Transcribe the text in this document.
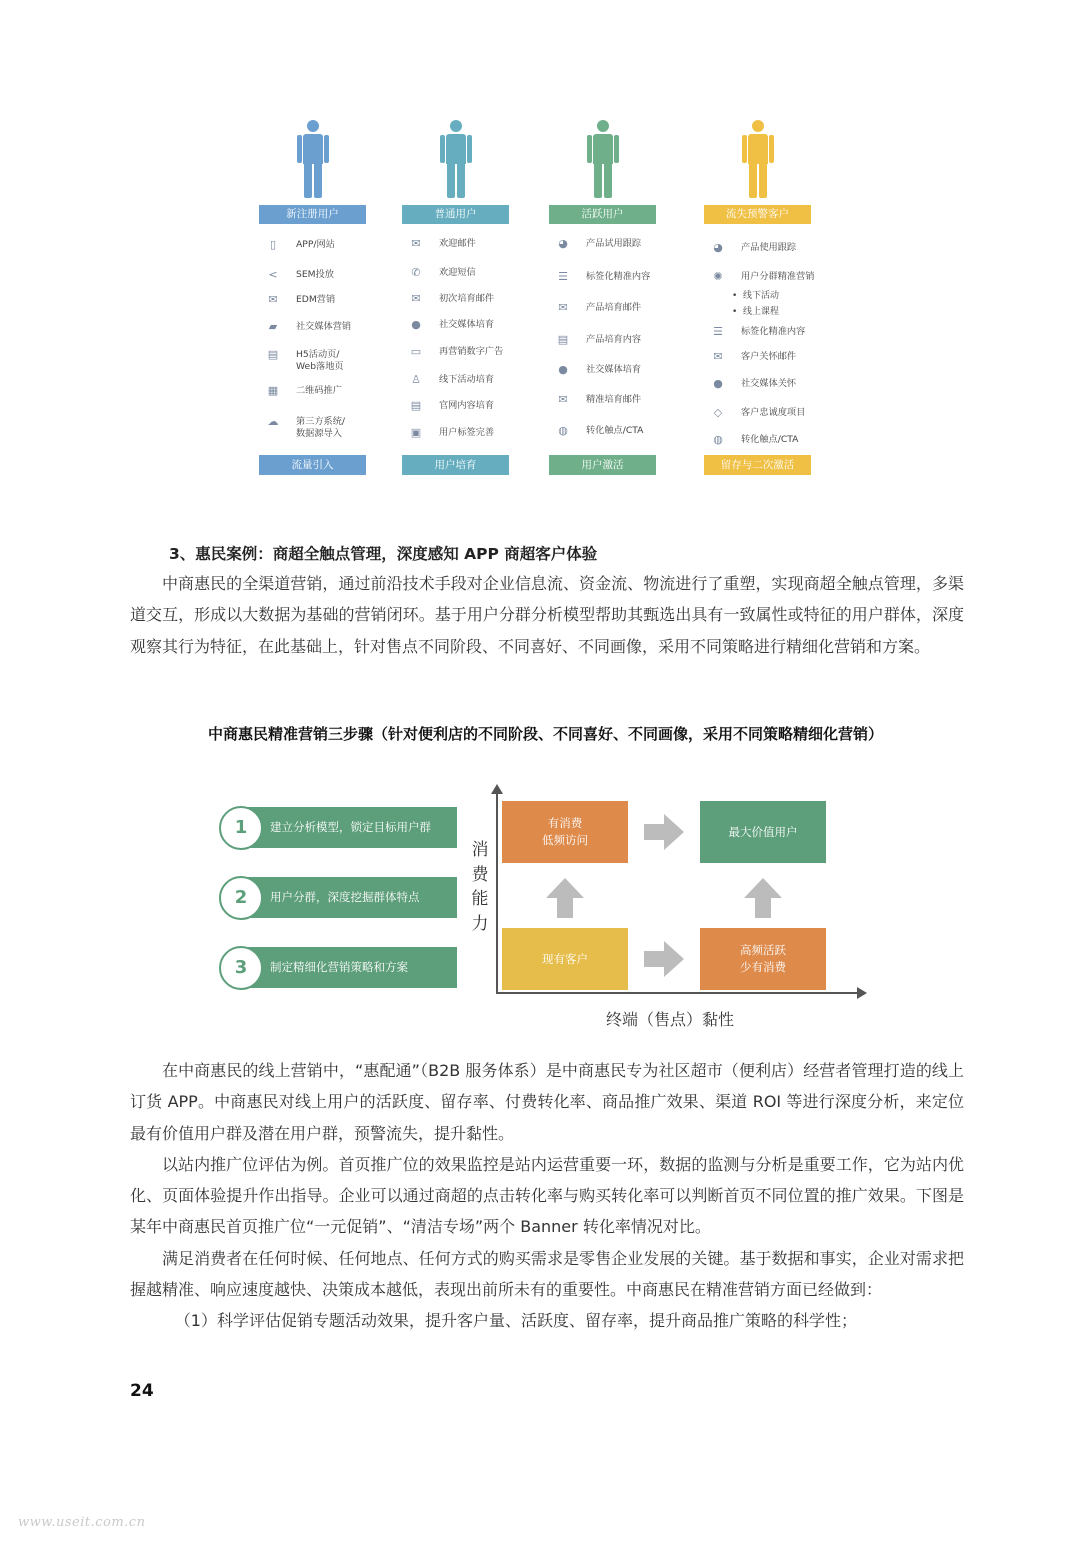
新注册用户
▯	APP/网站
< SEM投放
✉ EDM营销
▰	社交媒体营销
▤ H5活动页/
Web落地页
▦ 二维码推广
☁ 第三方系统/
数据源导入
流量引入
普通用户
✉ 欢迎邮件
✆ 欢迎短信
✉ 初次培育邮件
● 社交媒体培育
▭ 再营销数字广告
♙ 线下活动培育
▤ 官网内容培育
▣ 用户标签完善
用户培育
活跃用户
◕ 产品试用跟踪
☰ 标签化精准内容
✉ 产品培育邮件
▤ 产品培育内容
● 社交媒体培育
✉ 精准培育邮件
◍ 转化触点/CTA
用户激活
流失预警客户
◕ 产品使用跟踪
✺ 用户分群精准营销
•  线下活动
•  线上课程
☰ 标签化精准内容
✉ 客户关怀邮件
● 社交媒体关怀
◇	客户忠诚度项目
◍ 转化触点/CTA
留存与二次激活
3、惠民案例：商超全触点管理，深度感知 APP 商超客户体验

中商惠民的全渠道营销，通过前沿技术手段对企业信息流、资金流、物流进行了重塑，实现商超全触点管理，多渠道交互，形成以大数据为基础的营销闭环。基于用户分群分析模型帮助其甄选出具有一致属性或特征的用户群体，深度观察其行为特征，在此基础上，针对售点不同阶段、不同喜好、不同画像，采用不同策略进行精细化营销和方案。

中商惠民精准营销三步骤（针对便利店的不同阶段、不同喜好、不同画像，采用不同策略精细化营销）
建立分析模型，锁定目标用户群
1
用户分群，深度挖掘群体特点
2
制定精细化营销策略和方案
3
消费能力
终端（售点）黏性
有消费
低频访问
最大价值用户
现有客户
高频活跃
少有消费

在中商惠民的线上营销中，“惠配通”（B2B 服务体系）是中商惠民专为社区超市（便利店）经营者管理打造的线上订货 APP。中商惠民对线上用户的活跃度、留存率、付费转化率、商品推广效果、渠道 ROI 等进行深度分析，来定位最有价值用户群及潜在用户群，预警流失，提升黏性。

以站内推广位评估为例。首页推广位的效果监控是站内运营重要一环，数据的监测与分析是重要工作，它为站内优化、页面体验提升作出指导。企业可以通过商超的点击转化率与购买转化率可以判断首页不同位置的推广效果。下图是某年中商惠民首页推广位“一元促销”、“清洁专场”两个 Banner 转化率情况对比。

满足消费者在任何时候、任何地点、任何方式的购买需求是零售企业发展的关键。基于数据和事实，企业对需求把握越精准、响应速度越快、决策成本越低，表现出前所未有的重要性。中商惠民在精准营销方面已经做到：

（1）科学评估促销专题活动效果，提升客户量、活跃度、留存率，提升商品推广策略的科学性；

24
www.useit.com.cn
